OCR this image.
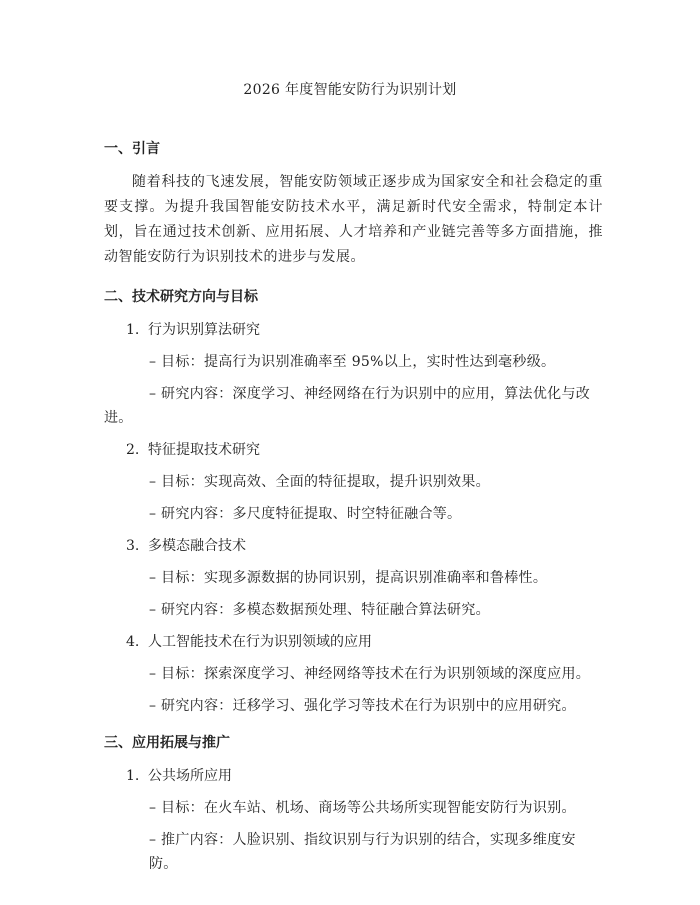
2026 年度智能安防行为识别计划
一、引言

随着科技的飞速发展，智能安防领域正逐步成为国家安全和社会稳定的重要支撑。为提升我国智能安防技术水平，满足新时代安全需求，特制定本计划，旨在通过技术创新、应用拓展、人才培养和产业链完善等多方面措施，推动智能安防行为识别技术的进步与发展。

二、技术研究方向与目标
1. 行为识别算法研究
– 目标：提高行为识别准确率至 95%以上，实时性达到毫秒级。
– 研究内容：深度学习、神经网络在行为识别中的应用，算法优化与改进。
2. 特征提取技术研究
– 目标：实现高效、全面的特征提取，提升识别效果。
– 研究内容：多尺度特征提取、时空特征融合等。
3. 多模态融合技术
– 目标：实现多源数据的协同识别，提高识别准确率和鲁棒性。
– 研究内容：多模态数据预处理、特征融合算法研究。
4. 人工智能技术在行为识别领域的应用
– 目标：探索深度学习、神经网络等技术在行为识别领域的深度应用。
– 研究内容：迁移学习、强化学习等技术在行为识别中的应用研究。
三、应用拓展与推广
1. 公共场所应用
– 目标：在火车站、机场、商场等公共场所实现智能安防行为识别。
– 推广内容：人脸识别、指纹识别与行为识别的结合，实现多维度安防。
